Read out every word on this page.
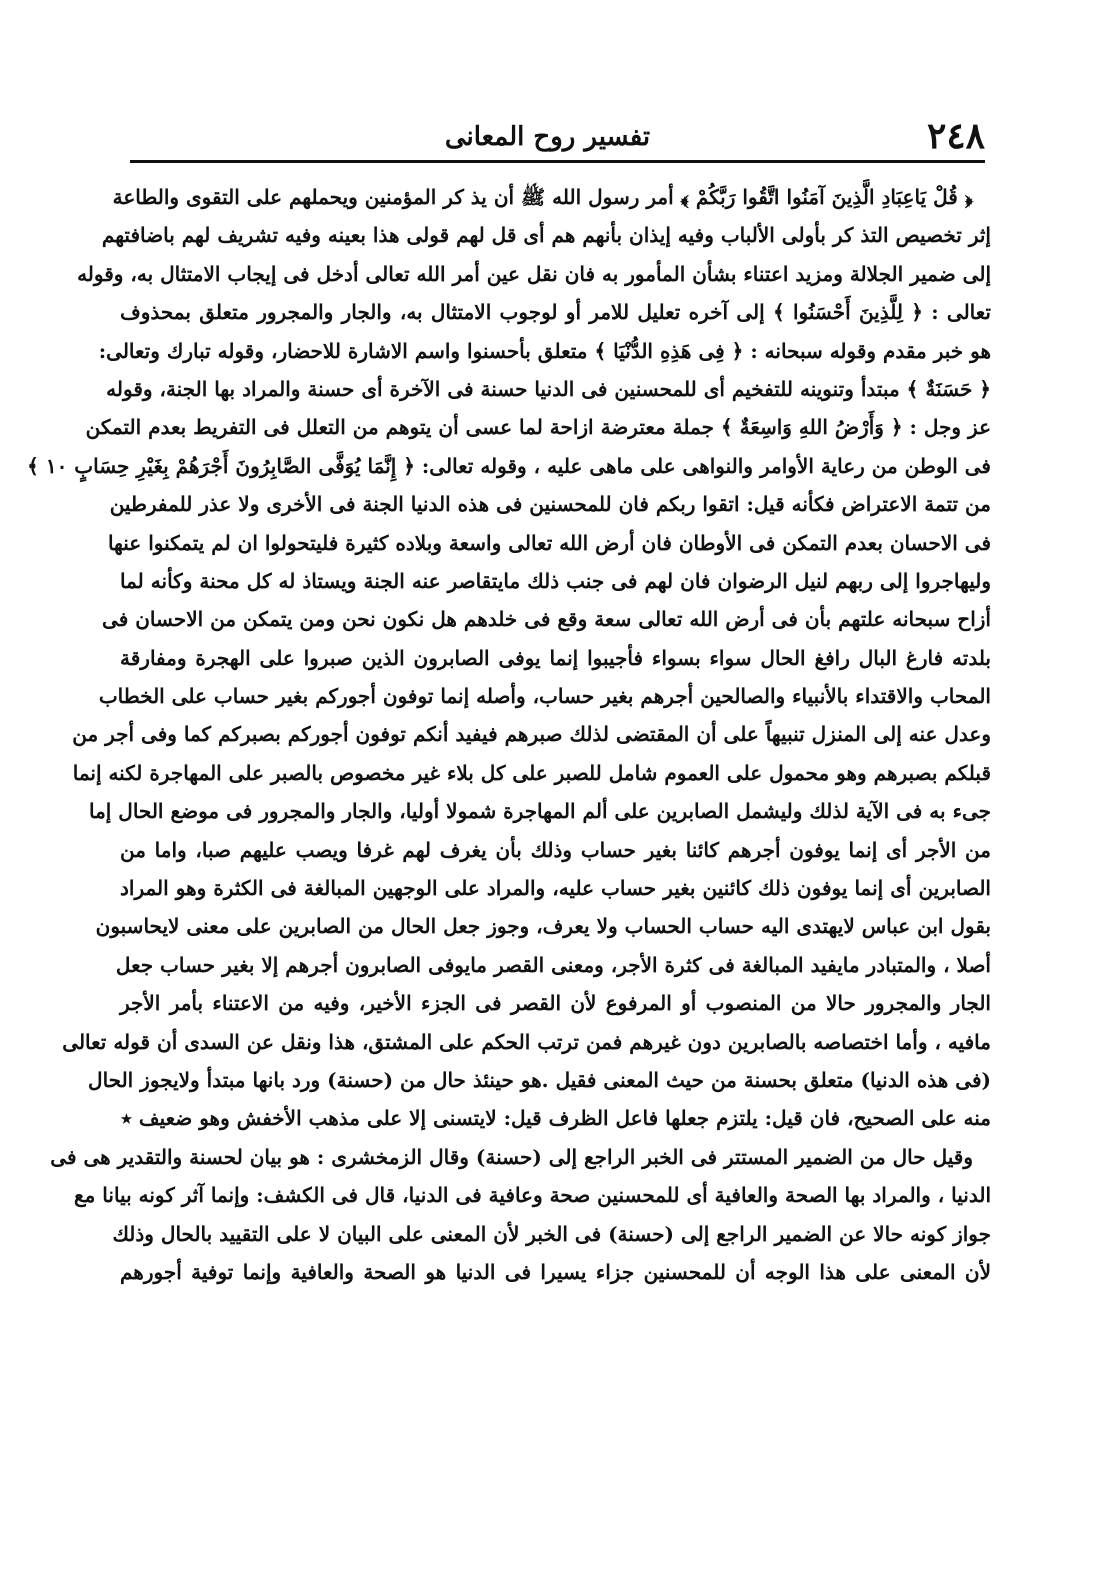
٢٤٨
تفسير روح المعانى
﴿ قُلْ يَاعِبَادِ الَّذِينَ آمَنُوا اتَّقُوا رَبَّكُمْ ﴾ أمر رسول الله ﷺ أن يذ كر المؤمنين ويحملهم على التقوى والطاعة
إثر تخصيص التذ كر بأولى الألباب وفيه إيذان بأنهم هم أى قل لهم قولى هذا بعينه وفيه تشريف لهم باضافتهم
إلى ضمير الجلالة ومزيد اعتناء بشأن المأمور به فان نقل عين أمر الله تعالى أدخل فى إيجاب الامتثال به، وقوله
تعالى : ﴿ لِلَّذِينَ أَحْسَنُوا ﴾ إلى آخره تعليل للامر أو لوجوب الامتثال به، والجار والمجرور متعلق بمحذوف
هو خبر مقدم وقوله سبحانه : ﴿ فِى هَذِهِ الدُّنْيَا ﴾ متعلق بأحسنوا واسم الاشارة للاحضار، وقوله تبارك وتعالى:
﴿ حَسَنَةٌ ﴾ مبتدأ وتنوينه للتفخيم أى للمحسنين فى الدنيا حسنة فى الآخرة أى حسنة والمراد بها الجنة، وقوله
عز وجل : ﴿ وَأَرْضُ اللهِ وَاسِعَةٌ ﴾ جملة معترضة ازاحة لما عسى أن يتوهم من التعلل فى التفريط بعدم التمكن
فى الوطن من رعاية الأوامر والنواهى على ماهى عليه ، وقوله تعالى: ﴿ إِنَّمَا يُوَفَّى الصَّابِرُونَ أَجْرَهُمْ بِغَيْرِ حِسَابٍ ١٠ ﴾
من تتمة الاعتراض فكأنه قيل: اتقوا ربكم فان للمحسنين فى هذه الدنيا الجنة فى الأخرى ولا عذر للمفرطين
فى الاحسان بعدم التمكن فى الأوطان فان أرض الله تعالى واسعة وبلاده كثيرة فليتحولوا ان لم يتمكنوا عنها
وليهاجروا إلى ربهم لنيل الرضوان فان لهم فى جنب ذلك مايتقاصر عنه الجنة ويستاذ له كل محنة وكأنه لما
أزاح سبحانه علتهم بأن فى أرض الله تعالى سعة وقع فى خلدهم هل نكون نحن ومن يتمكن من الاحسان فى
بلدته فارغ البال رافغ الحال سواء بسواء فأجيبوا إنما يوفى الصابرون الذين صبروا على الهجرة ومفارقة
المحاب والاقتداء بالأنبياء والصالحين أجرهم بغير حساب، وأصله إنما توفون أجوركم بغير حساب على الخطاب
وعدل عنه إلى المنزل تنبيهاً على أن المقتضى لذلك صبرهم فيفيد أنكم توفون أجوركم بصبركم كما وفى أجر من
قبلكم بصبرهم وهو محمول على العموم شامل للصبر على كل بلاء غير مخصوص بالصبر على المهاجرة لكنه إنما
جىء به فى الآية لذلك وليشمل الصابرين على ألم المهاجرة شمولا أوليا، والجار والمجرور فى موضع الحال إما
من الأجر أى إنما يوفون أجرهم كائنا بغير حساب وذلك بأن يغرف لهم غرفا ويصب عليهم صبا، واما من
الصابرين أى إنما يوفون ذلك كائنين بغير حساب عليه، والمراد على الوجهين المبالغة فى الكثرة وهو المراد
بقول ابن عباس لايهتدى اليه حساب الحساب ولا يعرف، وجوز جعل الحال من الصابرين على معنى لايحاسبون
أصلا ، والمتبادر مايفيد المبالغة فى كثرة الأجر، ومعنى القصر مايوفى الصابرون أجرهم إلا بغير حساب جعل
الجار والمجرور حالا من المنصوب أو المرفوع لأن القصر فى الجزء الأخير، وفيه من الاعتناء بأمر الأجر
مافيه ، وأما اختصاصه بالصابرين دون غيرهم فمن ترتب الحكم على المشتق، هذا ونقل عن السدى أن قوله تعالى
(فى هذه الدنيا) متعلق بحسنة من حيث المعنى فقيل .هو حينئذ حال من (حسنة) ورد بانها مبتدأ ولايجوز الحال
منه على الصحيح، فان قيل: يلتزم جعلها فاعل الظرف قيل: لايتسنى إلا على مذهب الأخفش وهو ضعيف ٭
وقيل حال من الضمير المستتر فى الخبر الراجع إلى (حسنة) وقال الزمخشرى : هو بيان لحسنة والتقدير هى فى
الدنيا ، والمراد بها الصحة والعافية أى للمحسنين صحة وعافية فى الدنيا، قال فى الكشف: وإنما آثر كونه بيانا مع
جواز كونه حالا عن الضمير الراجع إلى (حسنة) فى الخبر لأن المعنى على البيان لا على التقييد بالحال وذلك
لأن المعنى على هذا الوجه أن للمحسنين جزاء يسيرا فى الدنيا هو الصحة والعافية وإنما توفية أجورهم
